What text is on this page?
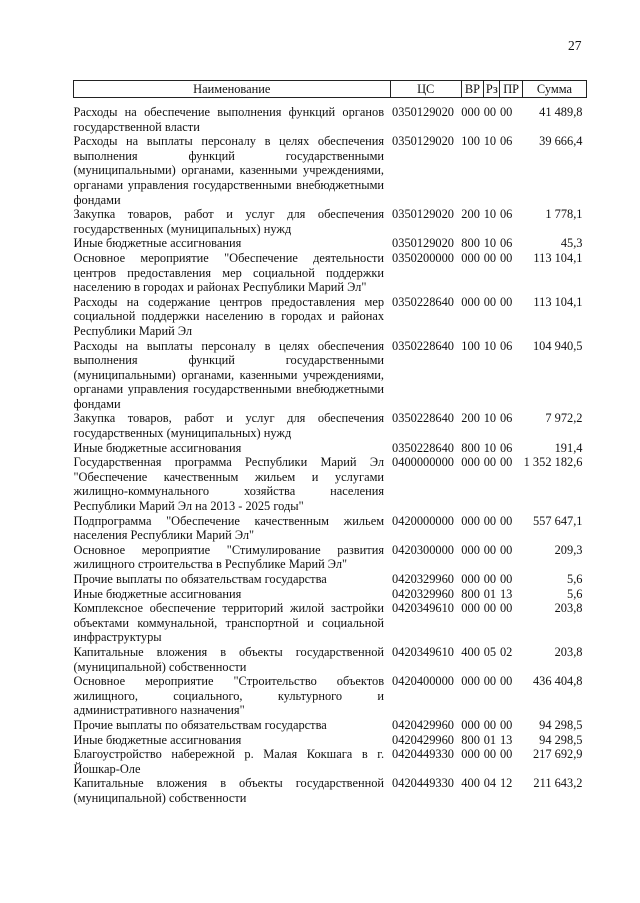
27
Наименование	ЦС	ВР	Рз	ПР	Сумма

Расходы на обеспечение выполнения функций органов государственной власти	0350129020	000	00	00	41 489,8
Расходы на выплаты персоналу в целях обеспечения выполнения функций государственными (муниципальными) органами, казенными учреждениями, органами управления государственными внебюджетными фондами	0350129020	100	10	06	39 666,4
Закупка товаров, работ и услуг для обеспечения государственных (муниципальных) нужд	0350129020	200	10	06	1 778,1
Иные бюджетные ассигнования	0350129020	800	10	06	45,3
Основное мероприятие "Обеспечение деятельности центров предоставления мер социальной поддержки населению в городах и районах Республики Марий Эл"	0350200000	000	00	00	113 104,1
Расходы на содержание центров предоставления мер социальной поддержки населению в городах и районах Республики Марий Эл	0350228640	000	00	00	113 104,1
Расходы на выплаты персоналу в целях обеспечения выполнения функций государственными (муниципальными) органами, казенными учреждениями, органами управления государственными внебюджетными фондами	0350228640	100	10	06	104 940,5
Закупка товаров, работ и услуг для обеспечения государственных (муниципальных) нужд	0350228640	200	10	06	7 972,2
Иные бюджетные ассигнования	0350228640	800	10	06	191,4
Государственная программа Республики Марий Эл "Обеспечение качественным жильем и услугами жилищно-коммунального хозяйства населения Республики Марий Эл на 2013 - 2025 годы"	0400000000	000	00	00	1 352 182,6
Подпрограмма "Обеспечение качественным жильем населения Республики Марий Эл"	0420000000	000	00	00	557 647,1
Основное мероприятие "Стимулирование развития жилищного строительства в Республике Марий Эл"	0420300000	000	00	00	209,3
Прочие выплаты по обязательствам государства	0420329960	000	00	00	5,6
Иные бюджетные ассигнования	0420329960	800	01	13	5,6
Комплексное обеспечение территорий жилой застройки объектами коммунальной, транспортной и социальной инфраструктуры	0420349610	000	00	00	203,8
Капитальные вложения в объекты государственной (муниципальной) собственности	0420349610	400	05	02	203,8
Основное мероприятие "Строительство объектов жилищного, социального, культурного и административного назначения"	0420400000	000	00	00	436 404,8
Прочие выплаты по обязательствам государства	0420429960	000	00	00	94 298,5
Иные бюджетные ассигнования	0420429960	800	01	13	94 298,5
Благоустройство набережной р. Малая Кокшага в г. Йошкар-Оле	0420449330	000	00	00	217 692,9
Капитальные вложения в объекты государственной (муниципальной) собственности	0420449330	400	04	12	211 643,2
